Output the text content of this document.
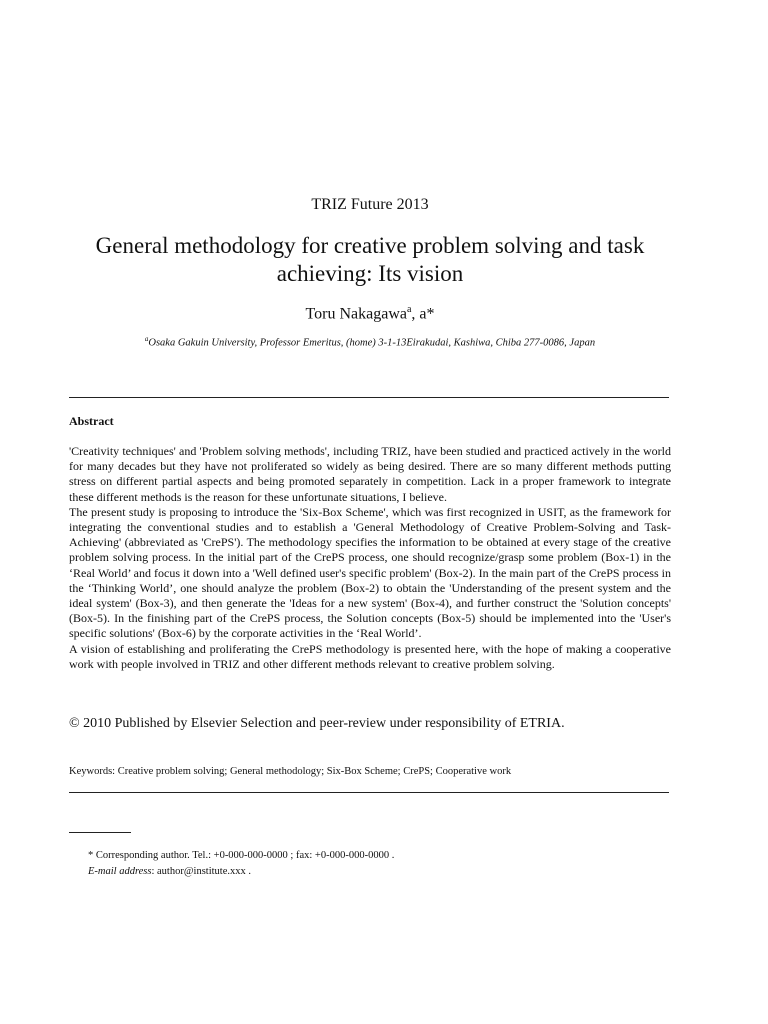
TRIZ Future 2013
General methodology for creative problem solving and task achieving: Its vision
Toru Nakagawa$^a$, a*
$^a$Osaka Gakuin University, Professor Emeritus, (home) 3-1-13Eirakudai, Kashiwa, Chiba 277-0086, Japan
Abstract

'Creativity techniques' and 'Problem solving methods', including TRIZ, have been studied and practiced actively in the world for many decades but they have not proliferated so widely as being desired. There are so many different methods putting stress on different partial aspects and being promoted separately in competition. Lack in a proper framework to integrate these different methods is the reason for these unfortunate situations, I believe.

The present study is proposing to introduce the 'Six-Box Scheme', which was first recognized in USIT, as the framework for integrating the conventional studies and to establish a 'General Methodology of Creative Problem-Solving and Task-Achieving' (abbreviated as 'CrePS'). The methodology specifies the information to be obtained at every stage of the creative problem solving process. In the initial part of the CrePS process, one should recognize/grasp some problem (Box-1) in the ‘Real World’ and focus it down into a 'Well defined user's specific problem' (Box-2). In the main part of the CrePS process in the ‘Thinking World’, one should analyze the problem (Box-2) to obtain the 'Understanding of the present system and the ideal system' (Box-3), and then generate the 'Ideas for a new system' (Box-4), and further construct the 'Solution concepts' (Box-5). In the finishing part of the CrePS process, the Solution concepts (Box-5) should be implemented into the 'User's specific solutions' (Box-6) by the corporate activities in the ‘Real World’.

A vision of establishing and proliferating the CrePS methodology is presented here, with the hope of making a cooperative work with people involved in TRIZ and other different methods relevant to creative problem solving.

© 2010 Published by Elsevier Selection and peer-review under responsibility of ETRIA.
Keywords: Creative problem solving; General methodology; Six-Box Scheme; CrePS; Cooperative work
* Corresponding author. Tel.: +0-000-000-0000 ; fax: +0-000-000-0000 .
E-mail address: author@institute.xxx .
